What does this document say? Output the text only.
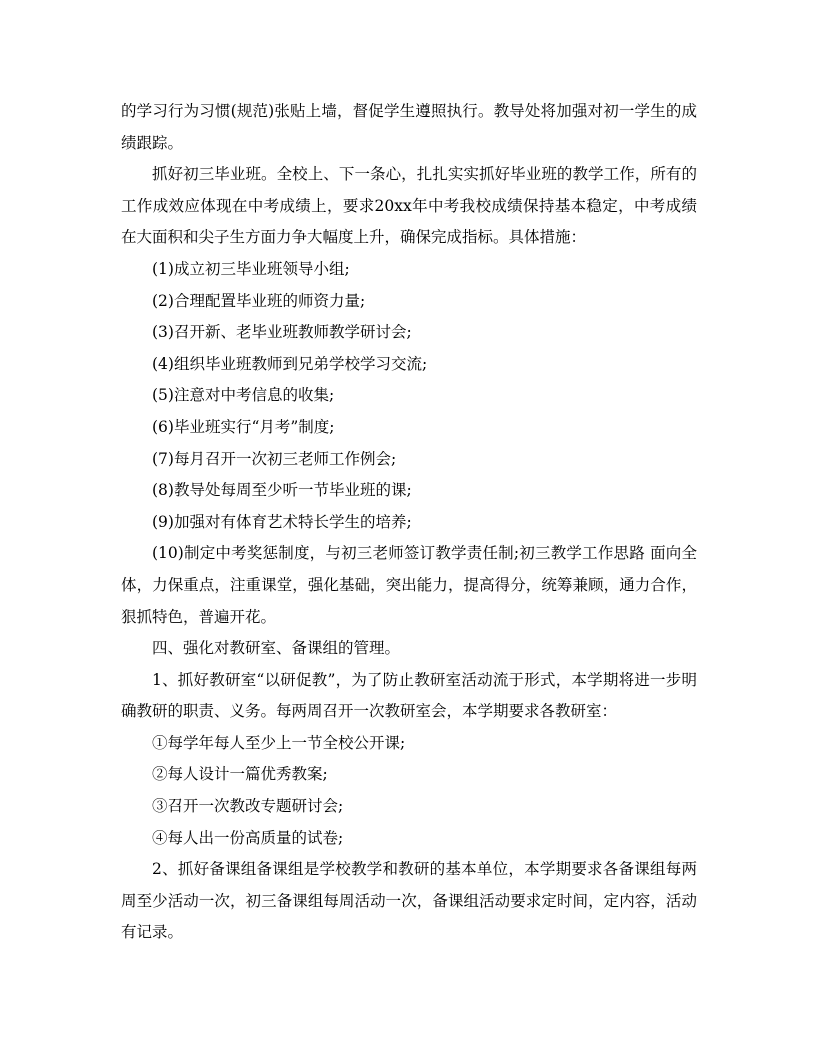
的学习行为习惯(规范)张贴上墙，督促学生遵照执行。教导处将加强对初一学生的成绩跟踪。

抓好初三毕业班。全校上、下一条心，扎扎实实抓好毕业班的教学工作，所有的工作成效应体现在中考成绩上，要求20xx年中考我校成绩保持基本稳定，中考成绩在大面积和尖子生方面力争大幅度上升，确保完成指标。具体措施：

(1)成立初三毕业班领导小组;

(2)合理配置毕业班的师资力量;

(3)召开新、老毕业班教师教学研讨会;

(4)组织毕业班教师到兄弟学校学习交流;

(5)注意对中考信息的收集;

(6)毕业班实行“月考”制度;

(7)每月召开一次初三老师工作例会;

(8)教导处每周至少听一节毕业班的课;

(9)加强对有体育艺术特长学生的培养;

(10)制定中考奖惩制度，与初三老师签订教学责任制;初三教学工作思路 面向全体，力保重点，注重课堂，强化基础，突出能力，提高得分，统筹兼顾，通力合作，狠抓特色，普遍开花。

四、强化对教研室、备课组的管理。

1、抓好教研室“以研促教”，为了防止教研室活动流于形式，本学期将进一步明确教研的职责、义务。每两周召开一次教研室会，本学期要求各教研室：

①每学年每人至少上一节全校公开课;

②每人设计一篇优秀教案;

③召开一次教改专题研讨会;

④每人出一份高质量的试卷;

2、抓好备课组备课组是学校教学和教研的基本单位，本学期要求各备课组每两周至少活动一次，初三备课组每周活动一次，备课组活动要求定时间，定内容，活动有记录。
